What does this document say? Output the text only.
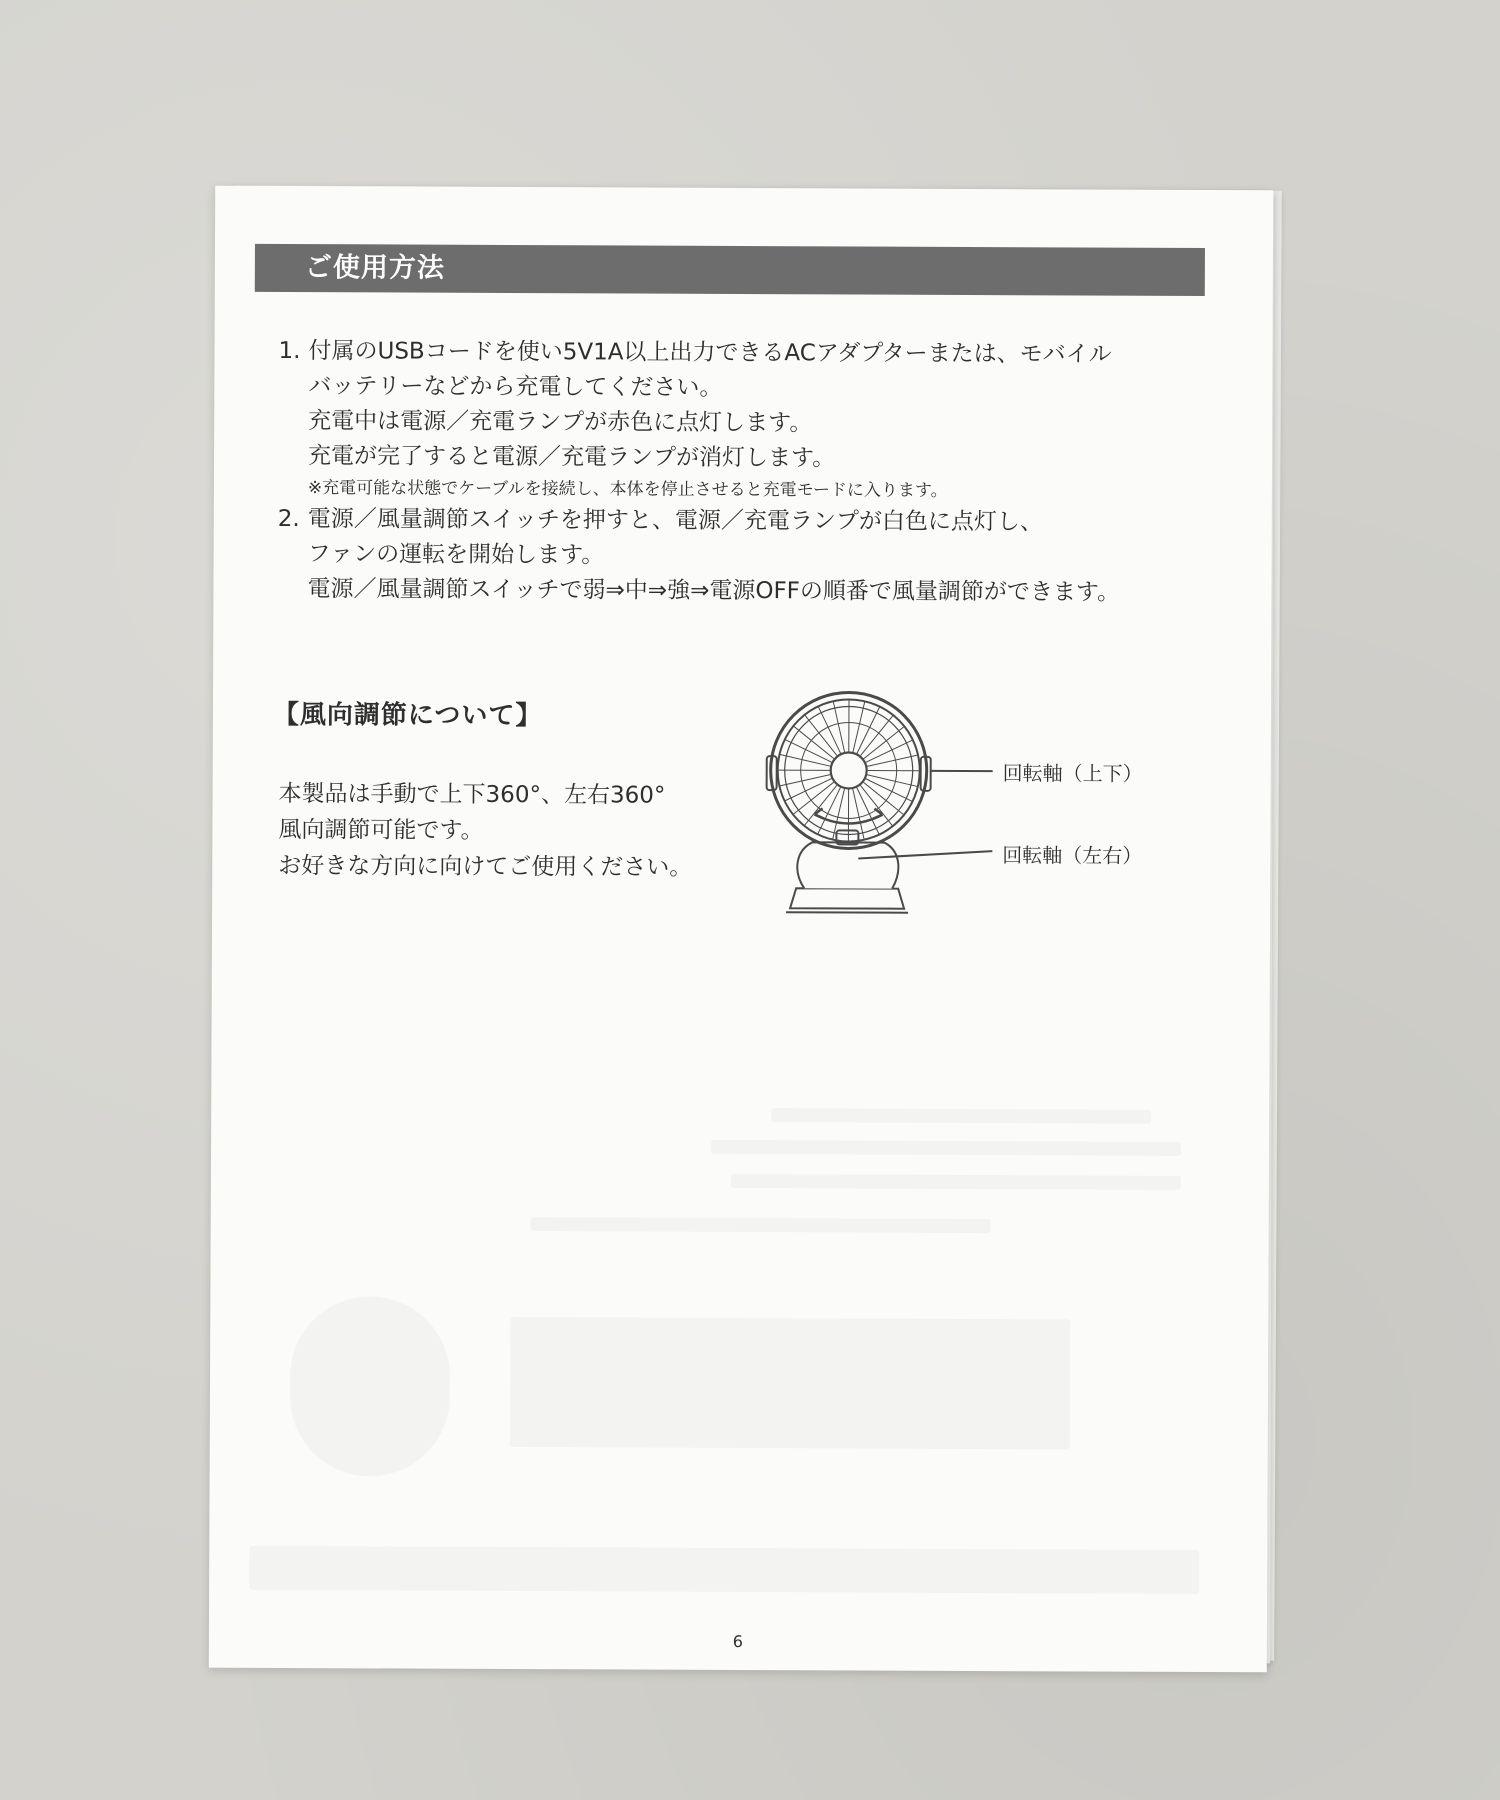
ご使用方法
1. 付属のUSBコードを使い5V1A以上出力できるACアダプターまたは、モバイル
バッテリーなどから充電してください。
充電中は電源／充電ランプが赤色に点灯します。
充電が完了すると電源／充電ランプが消灯します。
※充電可能な状態でケーブルを接続し、本体を停止させると充電モードに入ります。
2. 電源／風量調節スイッチを押すと、電源／充電ランプが白色に点灯し、
ファンの運転を開始します。
電源／風量調節スイッチで弱⇒中⇒強⇒電源OFFの順番で風量調節ができます。
【風向調節について】
本製品は手動で上下360°、左右360°
風向調節可能です。
お好きな方向に向けてご使用ください。
回転軸（上下）
回転軸（左右）
6
